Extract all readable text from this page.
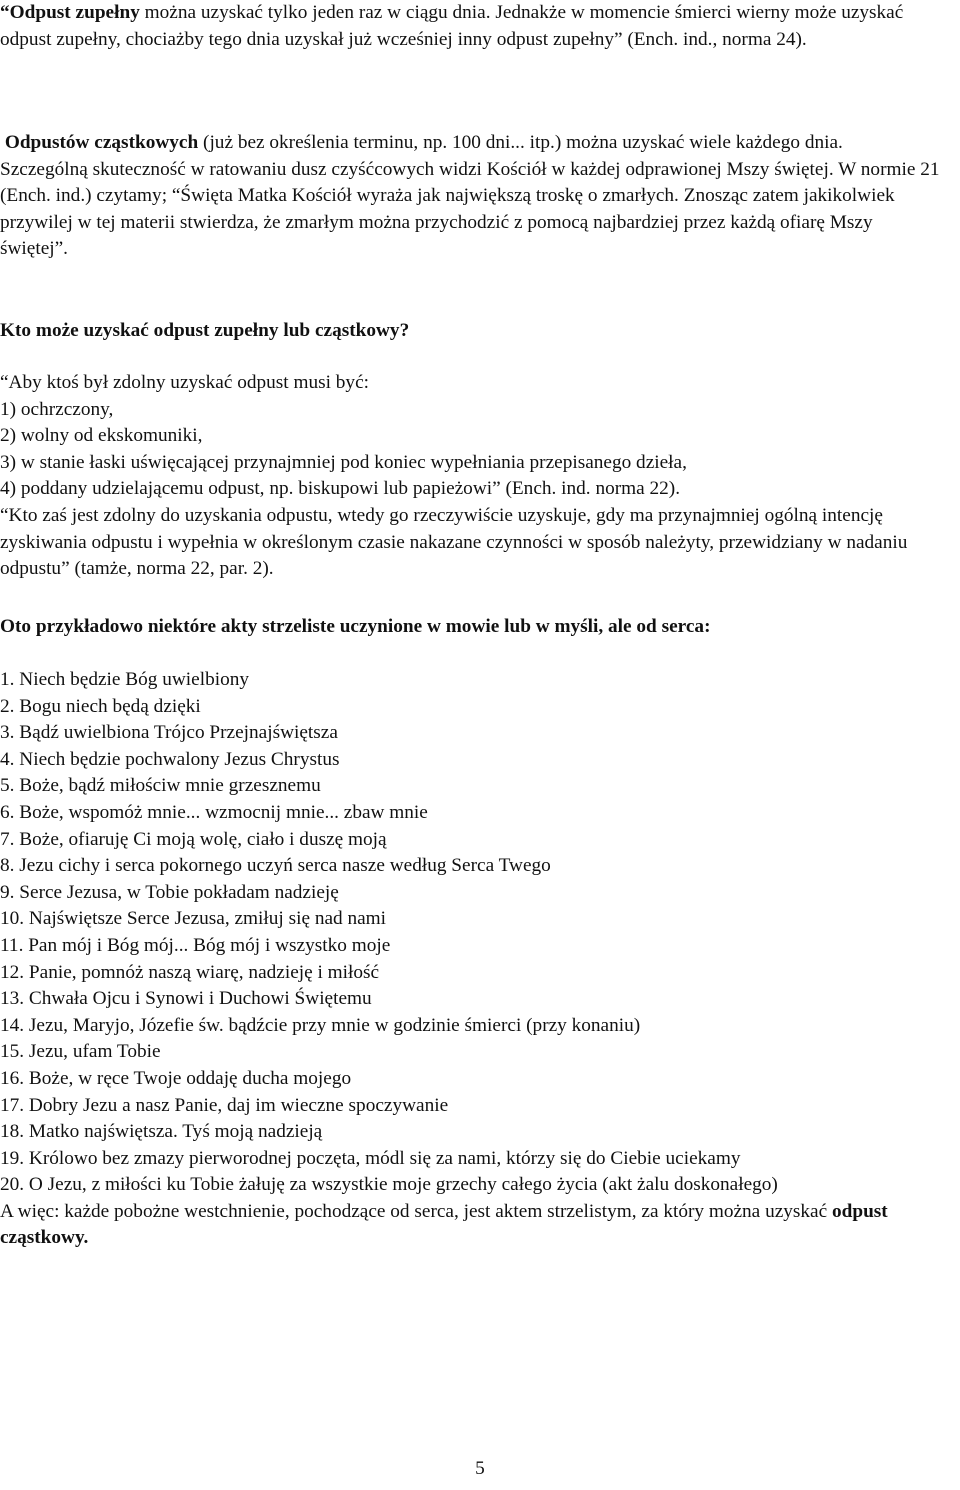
“Odpust zupełny można uzyskać tylko jeden raz w ciągu dnia. Jednakże w momencie śmierci wierny może uzyskać odpust zupełny, chociażby tego dnia uzyskał już wcześniej inny odpust zupełny” (Ench. ind., norma 24).

Odpustów cząstkowych (już bez określenia terminu, np. 100 dni... itp.) można uzyskać wiele każdego dnia.

Szczególną skuteczność w ratowaniu dusz czyśćcowych widzi Kościół w każdej odprawionej Mszy świętej. W normie 21 (Ench. ind.) czytamy; “Święta Matka Kościół wyraża jak największą troskę o zmarłych. Znosząc zatem jakikolwiek przywilej w tej materii stwierdza, że zmarłym można przychodzić z pomocą najbardziej przez każdą ofiarę Mszy świętej”.

Kto może uzyskać odpust zupełny lub cząstkowy?

“Aby ktoś był zdolny uzyskać odpust musi być:

1) ochrzczony,

2) wolny od ekskomuniki,

3) w stanie łaski uświęcającej przynajmniej pod koniec wypełniania przepisanego dzieła,

4) poddany udzielającemu odpust, np. biskupowi lub papieżowi” (Ench. ind. norma 22).

“Kto zaś jest zdolny do uzyskania odpustu, wtedy go rzeczywiście uzyskuje, gdy ma przynajmniej ogólną intencję zyskiwania odpustu i wypełnia w określonym czasie nakazane czynności w sposób należyty, przewidziany w nadaniu odpustu” (tamże, norma 22, par. 2).

Oto przykładowo niektóre akty strzeliste uczynione w mowie lub w myśli, ale od serca:

1. Niech będzie Bóg uwielbiony
2. Bogu niech będą dzięki
3. Bądź uwielbiona Trójco Przejnajświętsza
4. Niech będzie pochwalony Jezus Chrystus
5. Boże, bądź miłościw mnie grzesznemu
6. Boże, wspomóż mnie... wzmocnij mnie... zbaw mnie
7. Boże, ofiaruję Ci moją wolę, ciało i duszę moją
8. Jezu cichy i serca pokornego uczyń serca nasze według Serca Twego
9. Serce Jezusa, w Tobie pokładam nadzieję
10. Najświętsze Serce Jezusa, zmiłuj się nad nami
11. Pan mój i Bóg mój... Bóg mój i wszystko moje
12. Panie, pomnóż naszą wiarę, nadzieję i miłość
13. Chwała Ojcu i Synowi i Duchowi Świętemu
14. Jezu, Maryjo, Józefie św. bądźcie przy mnie w godzinie śmierci (przy konaniu)
15. Jezu, ufam Tobie
16. Boże, w ręce Twoje oddaję ducha mojego
17. Dobry Jezu a nasz Panie, daj im wieczne spoczywanie
18. Matko najświętsza. Tyś moją nadzieją
19. Królowo bez zmazy pierworodnej poczęta, módl się za nami, którzy się do Ciebie uciekamy
20. O Jezu, z miłości ku Tobie żałuję za wszystkie moje grzechy całego życia (akt żalu doskonałego)

A więc: każde pobożne westchnienie, pochodzące od serca, jest aktem strzelistym, za który można uzyskać odpust cząstkowy.

5
